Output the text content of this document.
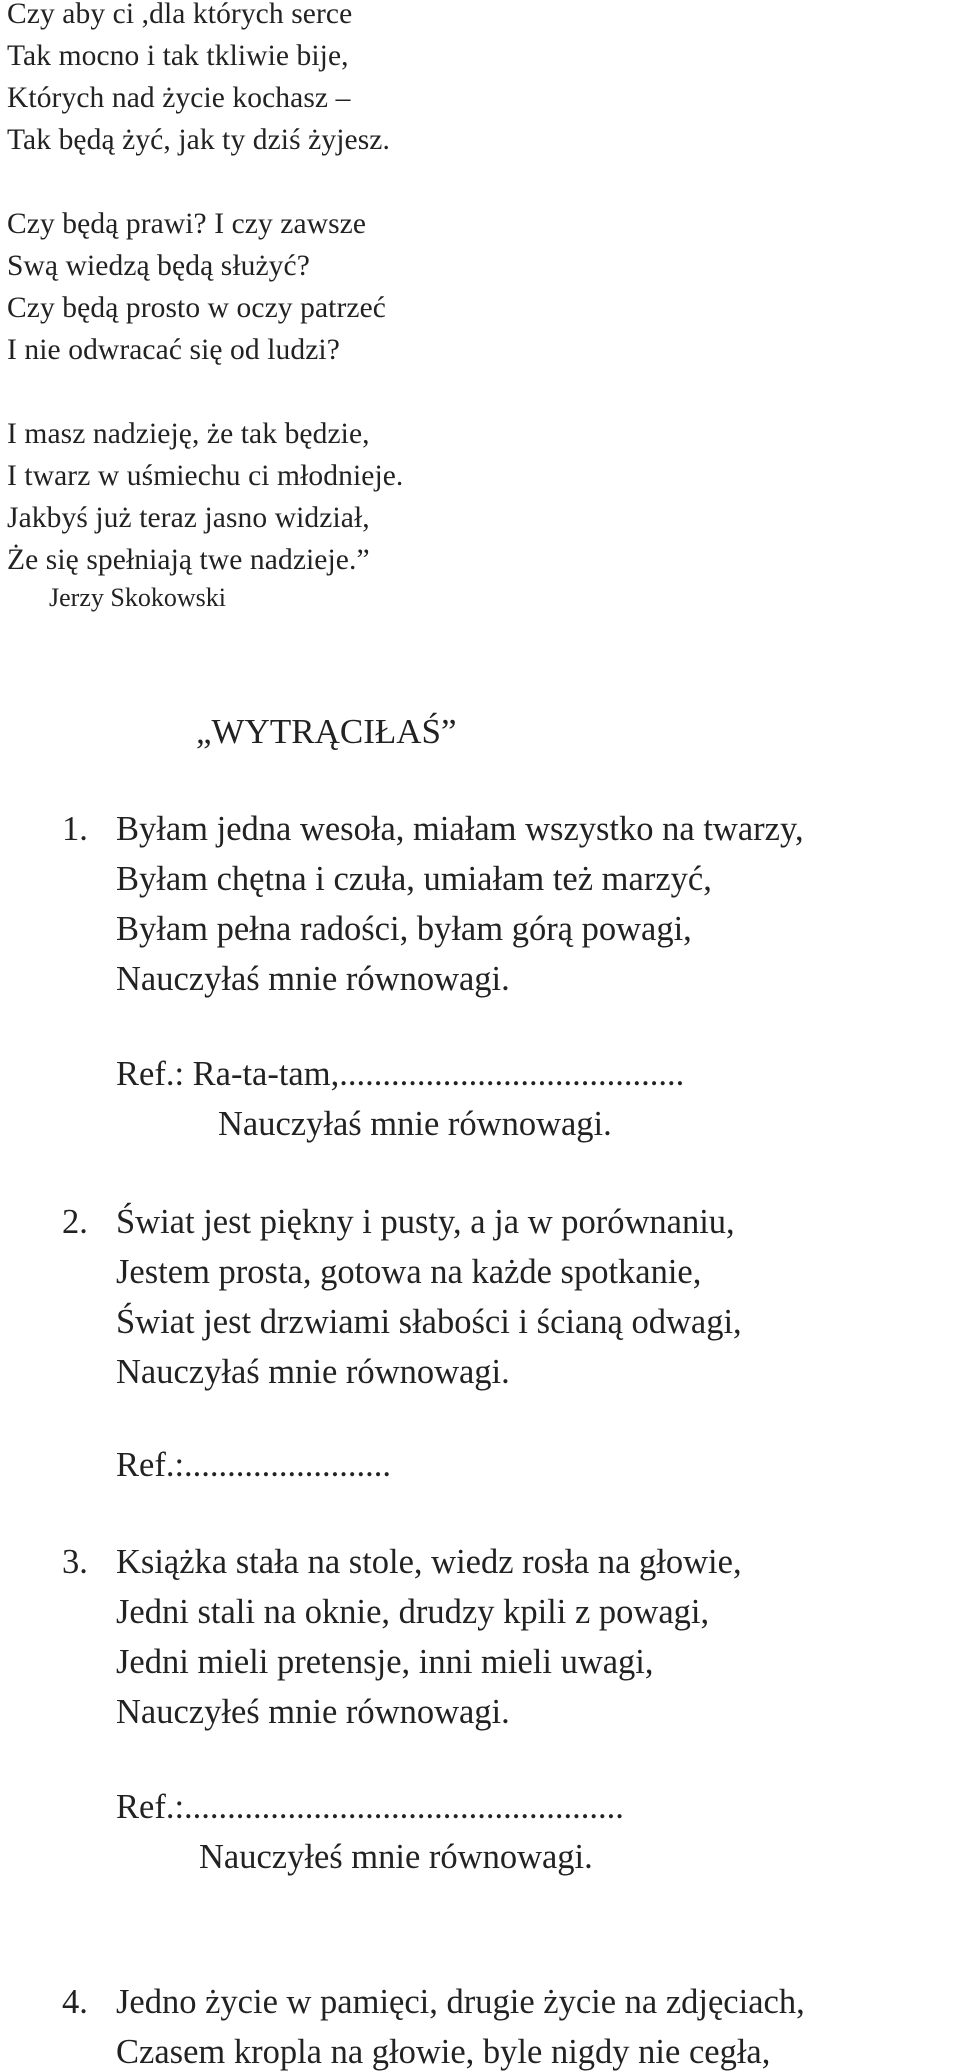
Czy aby ci ,dla których serce
Tak mocno i tak tkliwie bije,
Których nad życie kochasz –
Tak będą żyć, jak ty dziś żyjesz.
Czy będą prawi? I czy zawsze
Swą wiedzą będą służyć?
Czy będą prosto w oczy patrzeć
I nie odwracać się od ludzi?
I masz nadzieję, że tak będzie,
I twarz w uśmiechu ci młodnieje.
Jakbyś już teraz jasno widział,
Że się spełniają twe nadzieje.”
Jerzy Skokowski
„WYTRĄCIŁAŚ”
1. Byłam jedna wesoła, miałam wszystko na twarzy,
Byłam chętna i czuła, umiałam też marzyć,
Byłam pełna radości, byłam górą powagi,
Nauczyłaś mnie równowagi.
Ref.: Ra-ta-tam,........................................
Nauczyłaś mnie równowagi.
2. Świat jest piękny i pusty, a ja w porównaniu,
Jestem prosta, gotowa na każde spotkanie,
Świat jest drzwiami słabości i ścianą odwagi,
Nauczyłaś mnie równowagi.
Ref.:........................
3. Książka stała na stole, wiedz rosła na głowie,
Jedni stali na oknie, drudzy kpili z powagi,
Jedni mieli pretensje, inni mieli uwagi,
Nauczyłeś mnie równowagi.
Ref.:...................................................
Nauczyłeś mnie równowagi.
4. Jedno życie w pamięci, drugie życie na zdjęciach,
Czasem kropla na głowie, byle nigdy nie cegła,
